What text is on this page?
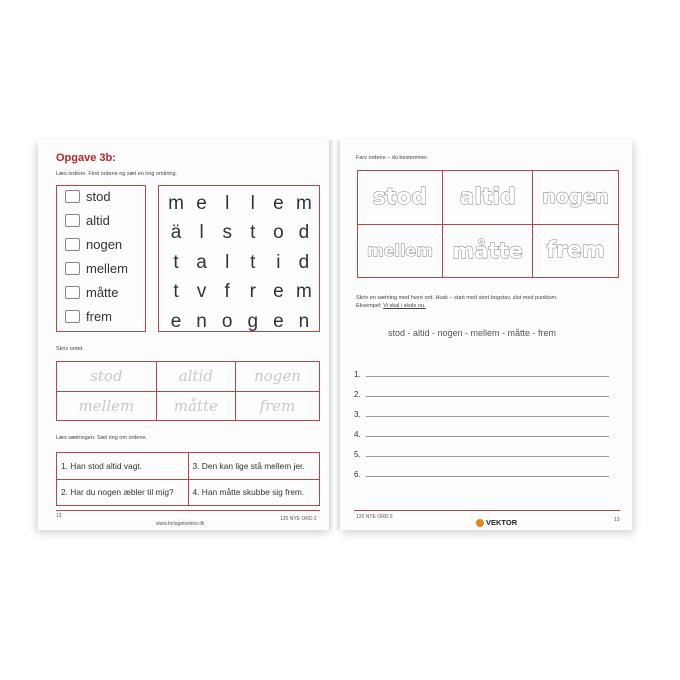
Opgave 3b:
Læs ordene. Find ordene og sæt en ring omkring.
stod
altid
nogen
mellem
måtte
frem
m e l	l e m
ä l s t o d
t a l	t	i d
t v f	r e m
e n o g e n
Skriv ordet.
stod	altid	nogen
mellem	måtte	frem
Læs sætningen. Sæt ring om ordene.
1. Han stod altid vagt.	3. Den kan lige stå mellem jer.
2. Har du nogen æbler til mig?	4. Han måtte skubbe sig frem.
12
www.forlagetvektor.dk
120 NYE ORD 2
Farv ordene – du bestemmer.
stod	altid	nogen
mellem	måtte	frem
Skriv en sætning med hvert ord. Husk – start med stort bogstav, slut med punktum.
Eksempel: Vi skal i skole nu.
stod - altid - nogen - mellem - måtte - frem
1.
2.
3.
4.
5.
6.
120 NYE ORD 2
VEKTOR	13
